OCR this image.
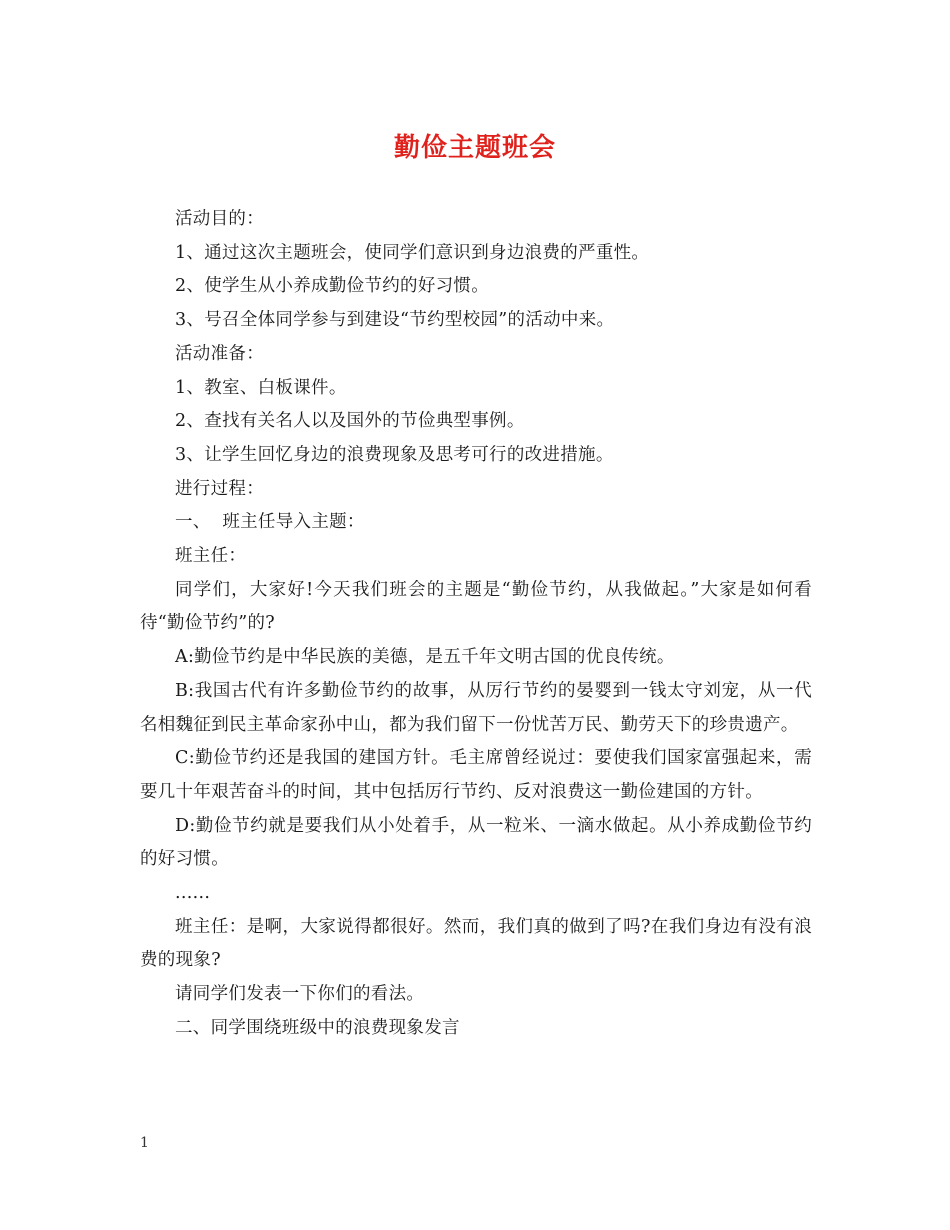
勤俭主题班会

活动目的：

1、通过这次主题班会，使同学们意识到身边浪费的严重性。

2、使学生从小养成勤俭节约的好习惯。

3、号召全体同学参与到建设“节约型校园”的活动中来。

活动准备：

1、教室、白板课件。

2、查找有关名人以及国外的节俭典型事例。

3、让学生回忆身边的浪费现象及思考可行的改进措施。

进行过程：

一、  班主任导入主题：

班主任：

同学们，大家好!今天我们班会的主题是“勤俭节约，从我做起。”大家是如何看待“勤俭节约”的?

A:勤俭节约是中华民族的美德，是五千年文明古国的优良传统。

B:我国古代有许多勤俭节约的故事，从厉行节约的晏婴到一钱太守刘宠，从一代名相魏征到民主革命家孙中山，都为我们留下一份忧苦万民、勤劳天下的珍贵遗产。

C:勤俭节约还是我国的建国方针。毛主席曾经说过：要使我们国家富强起来，需要几十年艰苦奋斗的时间，其中包括厉行节约、反对浪费这一勤俭建国的方针。

D:勤俭节约就是要我们从小处着手，从一粒米、一滴水做起。从小养成勤俭节约的好习惯。

......

班主任：是啊，大家说得都很好。然而，我们真的做到了吗?在我们身边有没有浪费的现象?

请同学们发表一下你们的看法。

二、同学围绕班级中的浪费现象发言

1
